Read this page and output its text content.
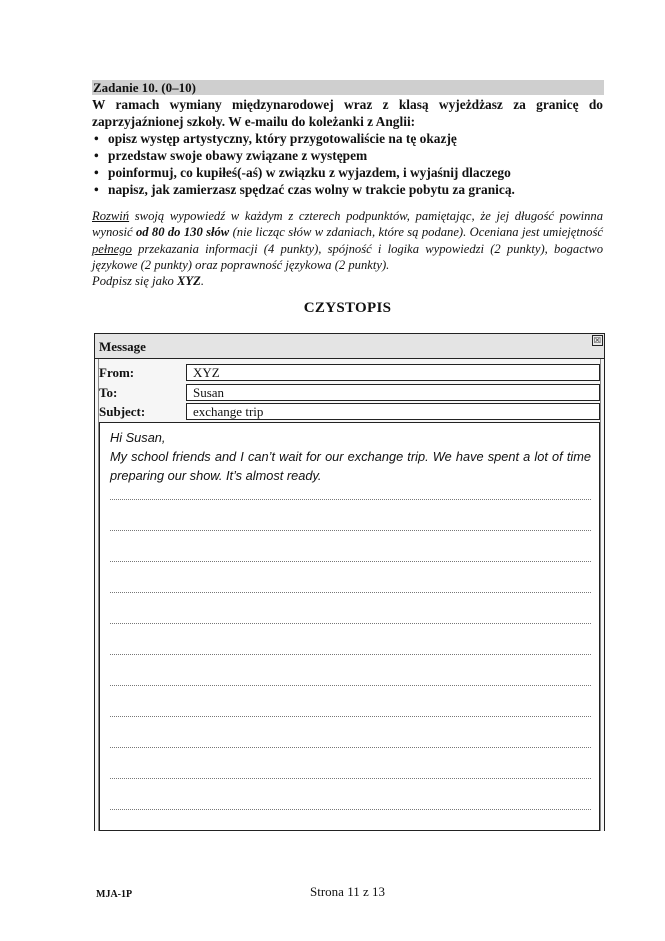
Zadanie 10. (0–10)

W ramach wymiany międzynarodowej wraz z klasą wyjeżdżasz za granicę do zaprzyjaźnionej szkoły. W e-mailu do koleżanki z Anglii:

• opisz występ artystyczny, który przygotowaliście na tę okazję
• przedstaw swoje obawy związane z występem
• poinformuj, co kupiłeś(-aś) w związku z wyjazdem, i wyjaśnij dlaczego
• napisz, jak zamierzasz spędzać czas wolny w trakcie pobytu za granicą.

Rozwiń swoją wypowiedź w każdym z czterech podpunktów, pamiętając, że jej długość powinna wynosić od 80 do 130 słów (nie licząc słów w zdaniach, które są podane). Oceniana jest umiejętność pełnego przekazania informacji (4 punkty), spójność i logika wypowiedzi (2 punkty), bogactwo językowe (2 punkty) oraz poprawność językowa (2 punkty).

Podpisz się jako XYZ.

CZYSTOPIS
Message	☒
From:	XYZ
To:	Susan
Subject:	exchange trip

Hi Susan,

My school friends and I can’t wait for our exchange trip. We have spent a lot of time preparing our show. It’s almost ready.

MJA-1P	Strona 11 z 13
